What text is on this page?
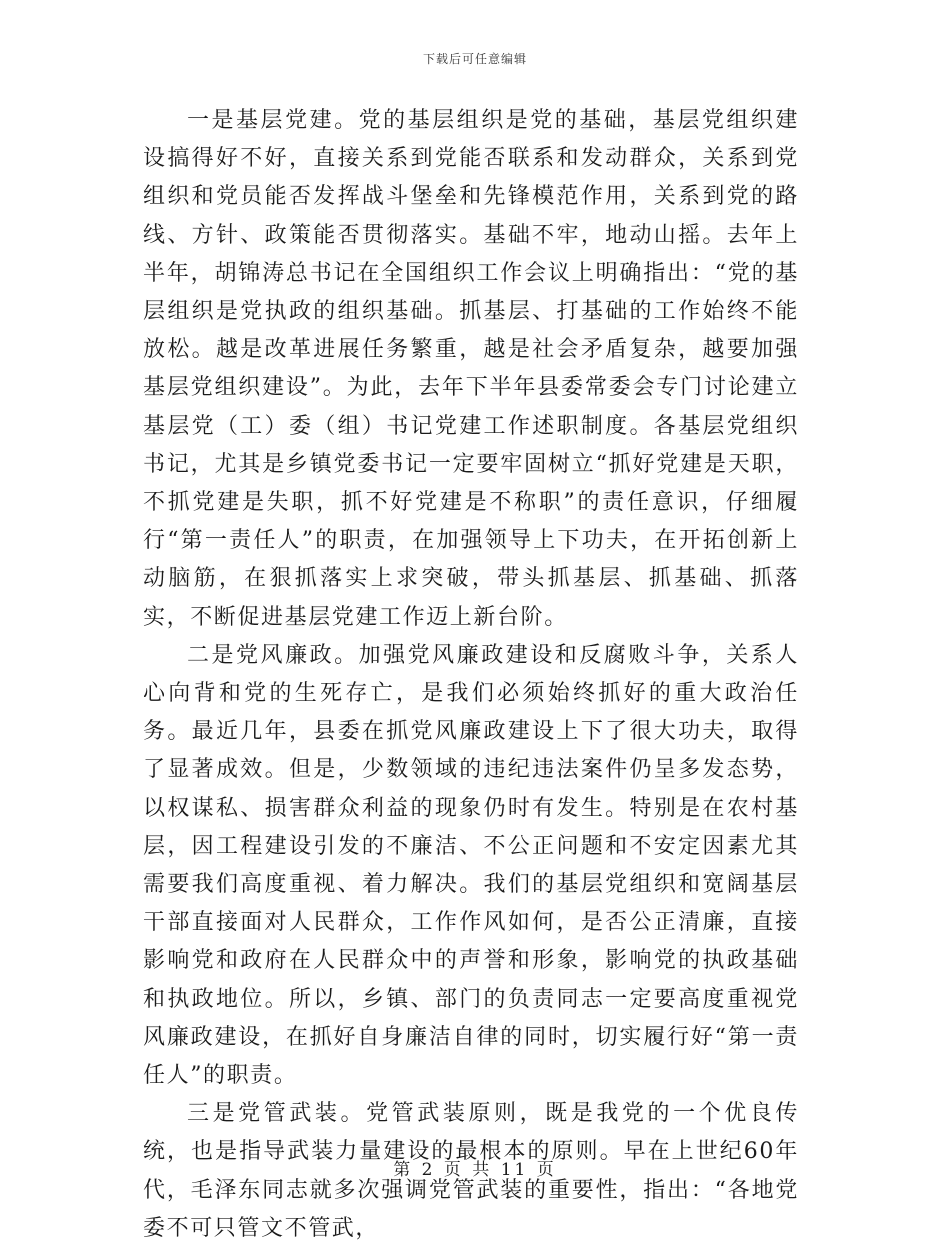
下载后可任意编辑

一是基层党建。党的基层组织是党的基础，基层党组织建设搞得好不好，直接关系到党能否联系和发动群众，关系到党组织和党员能否发挥战斗堡垒和先锋模范作用，关系到党的路线、方针、政策能否贯彻落实。基础不牢，地动山摇。去年上半年，胡锦涛总书记在全国组织工作会议上明确指出：“党的基层组织是党执政的组织基础。抓基层、打基础的工作始终不能放松。越是改革进展任务繁重，越是社会矛盾复杂，越要加强基层党组织建设”。为此，去年下半年县委常委会专门讨论建立基层党（工）委（组）书记党建工作述职制度。各基层党组织书记，尤其是乡镇党委书记一定要牢固树立“抓好党建是天职，不抓党建是失职，抓不好党建是不称职”的责任意识，仔细履行“第一责任人”的职责，在加强领导上下功夫，在开拓创新上动脑筋，在狠抓落实上求突破，带头抓基层、抓基础、抓落实，不断促进基层党建工作迈上新台阶。

二是党风廉政。加强党风廉政建设和反腐败斗争，关系人心向背和党的生死存亡，是我们必须始终抓好的重大政治任务。最近几年，县委在抓党风廉政建设上下了很大功夫，取得了显著成效。但是，少数领域的违纪违法案件仍呈多发态势，以权谋私、损害群众利益的现象仍时有发生。特别是在农村基层，因工程建设引发的不廉洁、不公正问题和不安定因素尤其需要我们高度重视、着力解决。我们的基层党组织和宽阔基层干部直接面对人民群众，工作作风如何，是否公正清廉，直接影响党和政府在人民群众中的声誉和形象，影响党的执政基础和执政地位。所以，乡镇、部门的负责同志一定要高度重视党风廉政建设，在抓好自身廉洁自律的同时，切实履行好“第一责任人”的职责。

三是党管武装。党管武装原则，既是我党的一个优良传统，也是指导武装力量建设的最根本的原则。早在上世纪60年代，毛泽东同志就多次强调党管武装的重要性，指出：“各地党委不可只管文不管武，

第 2 页 共 11 页
